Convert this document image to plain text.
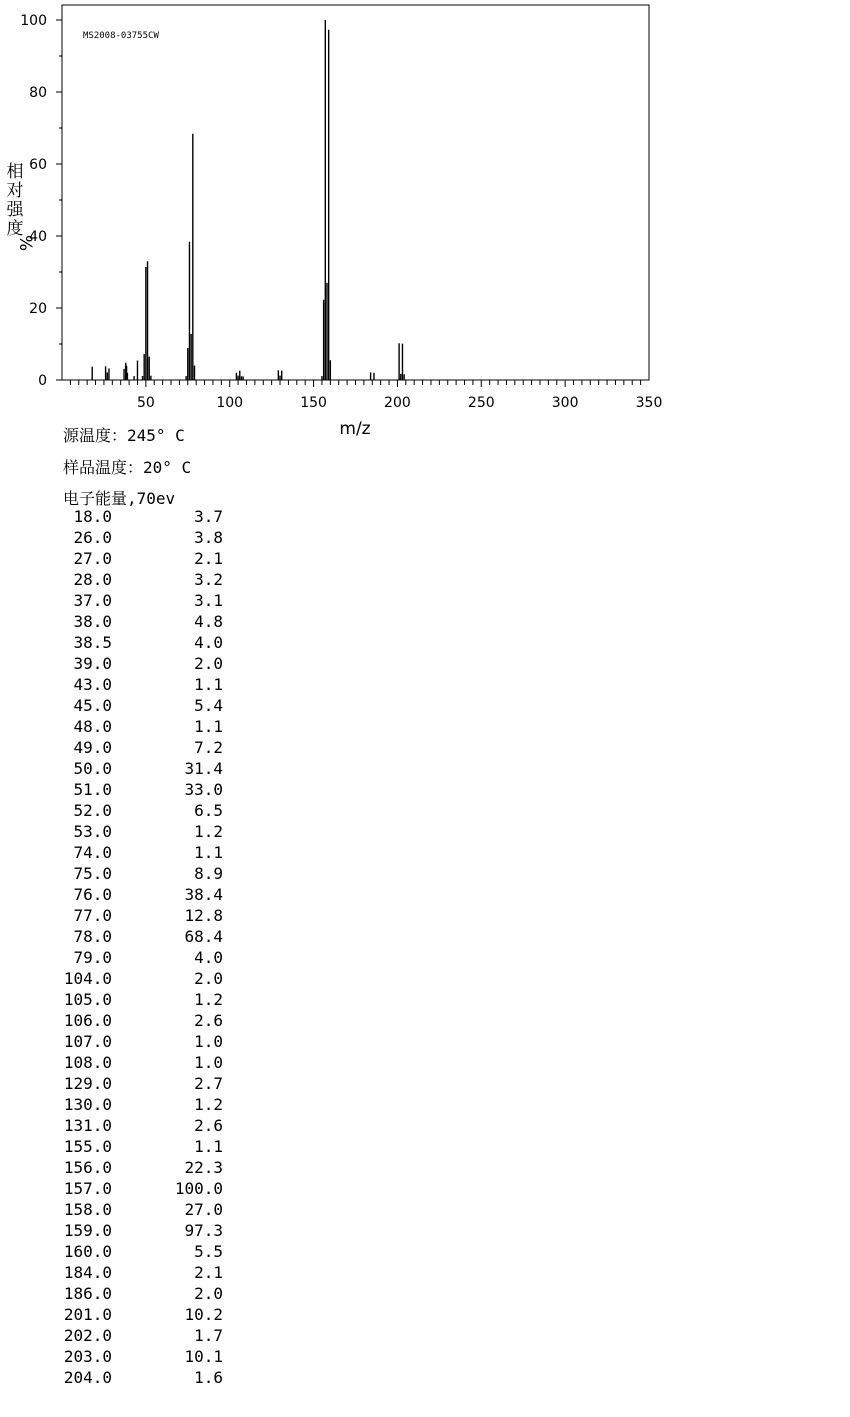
50	100	150	200	250	300	350
0
20
40
60
80
100
MS2008-03755CW
m/z
相
对
强
度
%
源温度：245° C
样品温度：20° C
电子能量,70ev
18.0	3.7
26.0	3.8
27.0	2.1
28.0	3.2
37.0	3.1
38.0	4.8
38.5	4.0
39.0	2.0
43.0	1.1
45.0	5.4
48.0	1.1
49.0	7.2
50.0	31.4
51.0	33.0
52.0	6.5
53.0	1.2
74.0	1.1
75.0	8.9
76.0	38.4
77.0	12.8
78.0	68.4
79.0	4.0
104.0	2.0
105.0	1.2
106.0	2.6
107.0	1.0
108.0	1.0
129.0	2.7
130.0	1.2
131.0	2.6
155.0	1.1
156.0	22.3
157.0	100.0
158.0	27.0
159.0	97.3
160.0	5.5
184.0	2.1
186.0	2.0
201.0	10.2
202.0	1.7
203.0	10.1
204.0	1.6
